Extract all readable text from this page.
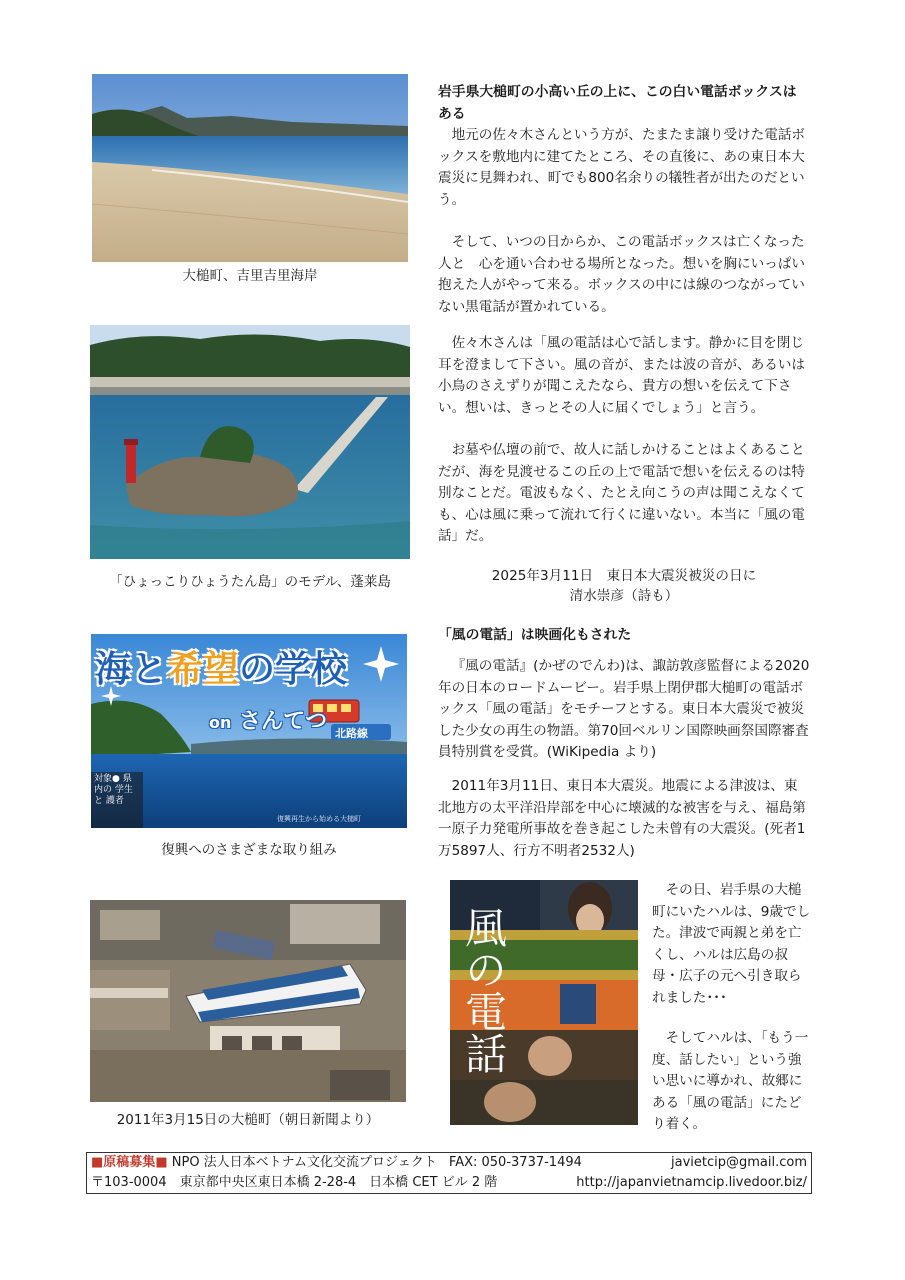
大槌町、吉里吉里海岸
「ひょっこりひょうたん島」のモデル、蓬莱島
海と希望の学校
on さんてつ 北路線
対象● 県内の 学生と 護者
復興再生から始める大槌町
復興へのさまざまな取り組み
2011年3月15日の大槌町（朝日新聞より）
風の電話
岩手県大槌町の小高い丘の上に、この白い電話ボックスはある

地元の佐々木さんという方が、たまたま譲り受けた電話ボックスを敷地内に建てたところ、その直後に、あの東日本大震災に見舞われ、町でも800名余りの犠牲者が出たのだという。

そして、いつの日からか、この電話ボックスは亡くなった人と　心を通い合わせる場所となった。想いを胸にいっぱい抱えた人がやって来る。ボックスの中には線のつながっていない黒電話が置かれている。

佐々木さんは「風の電話は心で話します。静かに目を閉じ耳を澄まして下さい。風の音が、または波の音が、あるいは小鳥のさえずりが聞こえたなら、貴方の想いを伝えて下さい。想いは、きっとその人に届くでしょう」と言う。

お墓や仏壇の前で、故人に話しかけることはよくあることだが、海を見渡せるこの丘の上で電話で想いを伝えるのは特別なことだ。電波もなく、たとえ向こうの声は聞こえなくても、心は風に乗って流れて行くに違いない。本当に「風の電話」だ。

2025年3月11日　東日本大震災被災の日に
清水崇彦（詩も）
「風の電話」は映画化もされた

『風の電話』(かぜのでんわ)は、諏訪敦彦監督による2020年の日本のロードムービー。岩手県上閉伊郡大槌町の電話ボックス「風の電話」をモチーフとする。東日本大震災で被災した少女の再生の物語。第70回ベルリン国際映画祭国際審査員特別賞を受賞。(WiKipedia より)

2011年3月11日、東日本大震災。地震による津波は、東北地方の太平洋沿岸部を中心に壊滅的な被害を与え、福島第一原子力発電所事故を巻き起こした未曾有の大震災。(死者1万5897人、行方不明者2532人)

その日、岩手県の大槌町にいたハルは、9歳でした。津波で両親と弟を亡くし、ハルは広島の叔母・広子の元へ引き取られました･･･

そしてハルは、「もう一度、話したい」という強い思いに導かれ、故郷にある「風の電話」にたどり着く。

■原稿募集■ NPO 法人日本ベトナム文化交流プロジェクト FAX: 050-3737-1494	javietcip@gmail.com
〒103-0004　東京都中央区東日本橋 2-28-4　日本橋 CET ビル 2 階	http://japanvietnamcip.livedoor.biz/
